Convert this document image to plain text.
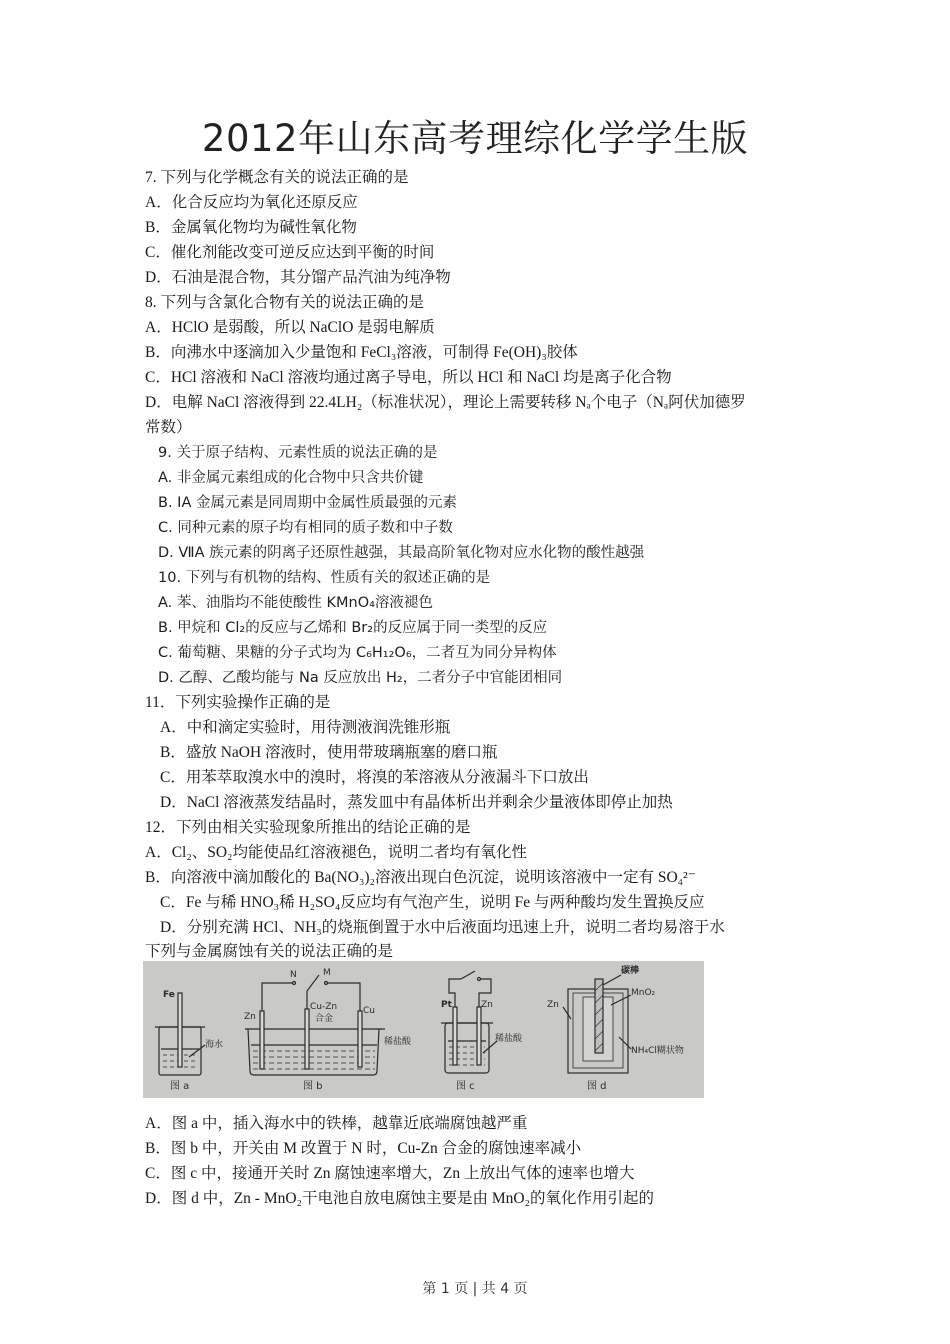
2012年山东高考理综化学学生版
7. 下列与化学概念有关的说法正确的是
A．化合反应均为氧化还原反应
B．金属氧化物均为碱性氧化物
C．催化剂能改变可逆反应达到平衡的时间
D．石油是混合物，其分馏产品汽油为纯净物
8. 下列与含氯化合物有关的说法正确的是
A．HClO 是弱酸，所以 NaClO 是弱电解质
B．向沸水中逐滴加入少量饱和 FeCl₃溶液，可制得 Fe(OH)₃胶体
C．HCl 溶液和 NaCl 溶液均通过离子导电，所以 HCl 和 NaCl 均是离子化合物
D．电解 NaCl 溶液得到 22.4LH₂（标准状况），理论上需要转移 Nₐ个电子（Nₐ阿伏加德罗
常数）
9. 关于原子结构、元素性质的说法正确的是
A. 非金属元素组成的化合物中只含共价键
B. ⅠA 金属元素是同周期中金属性质最强的元素
C. 同种元素的原子均有相同的质子数和中子数
D. ⅦA 族元素的阴离子还原性越强，其最高阶氧化物对应水化物的酸性越强
10. 下列与有机物的结构、性质有关的叙述正确的是
A. 苯、油脂均不能使酸性 KMnO₄溶液褪色
B. 甲烷和 Cl₂的反应与乙烯和 Br₂的反应属于同一类型的反应
C. 葡萄糖、果糖的分子式均为 C₆H₁₂O₆，二者互为同分异构体
D. 乙醇、乙酸均能与 Na 反应放出 H₂，二者分子中官能团相同
11．下列实验操作正确的是
A．中和滴定实验时，用待测液润洗锥形瓶
B．盛放 NaOH 溶液时，使用带玻璃瓶塞的磨口瓶
C．用苯萃取溴水中的溴时，将溴的苯溶液从分液漏斗下口放出
D．NaCl 溶液蒸发结晶时，蒸发皿中有晶体析出并剩余少量液体即停止加热
12．下列由相关实验现象所推出的结论正确的是
A．Cl₂、SO₂均能使品红溶液褪色，说明二者均有氧化性
B．向溶液中滴加酸化的 Ba(NO₃)₂溶液出现白色沉淀，说明该溶液中一定有 SO₄²⁻
C．Fe 与稀 HNO₃稀 H₂SO₄反应均有气泡产生，说明 Fe 与两种酸均发生置换反应
D．分别充满 HCl、NH₃的烧瓶倒置于水中后液面均迅速上升，说明二者均易溶于水
下列与金属腐蚀有关的说法正确的是
Fe
海水
图 a
N	M
Zn
Cu-Zn
合金
Cu
稀盐酸
图 b
Pt	Zn
稀盐酸
图 c
碳棒
MnO₂
Zn
NH₄Cl糊状物
图 d
A．图 a 中，插入海水中的铁棒，越靠近底端腐蚀越严重
B．图 b 中，开关由 M 改置于 N 时，Cu-Zn 合金的腐蚀速率减小
C．图 c 中，接通开关时 Zn 腐蚀速率增大，Zn 上放出气体的速率也增大
D．图 d 中，Zn - MnO₂干电池自放电腐蚀主要是由 MnO₂的氧化作用引起的
第 1 页 | 共 4 页
